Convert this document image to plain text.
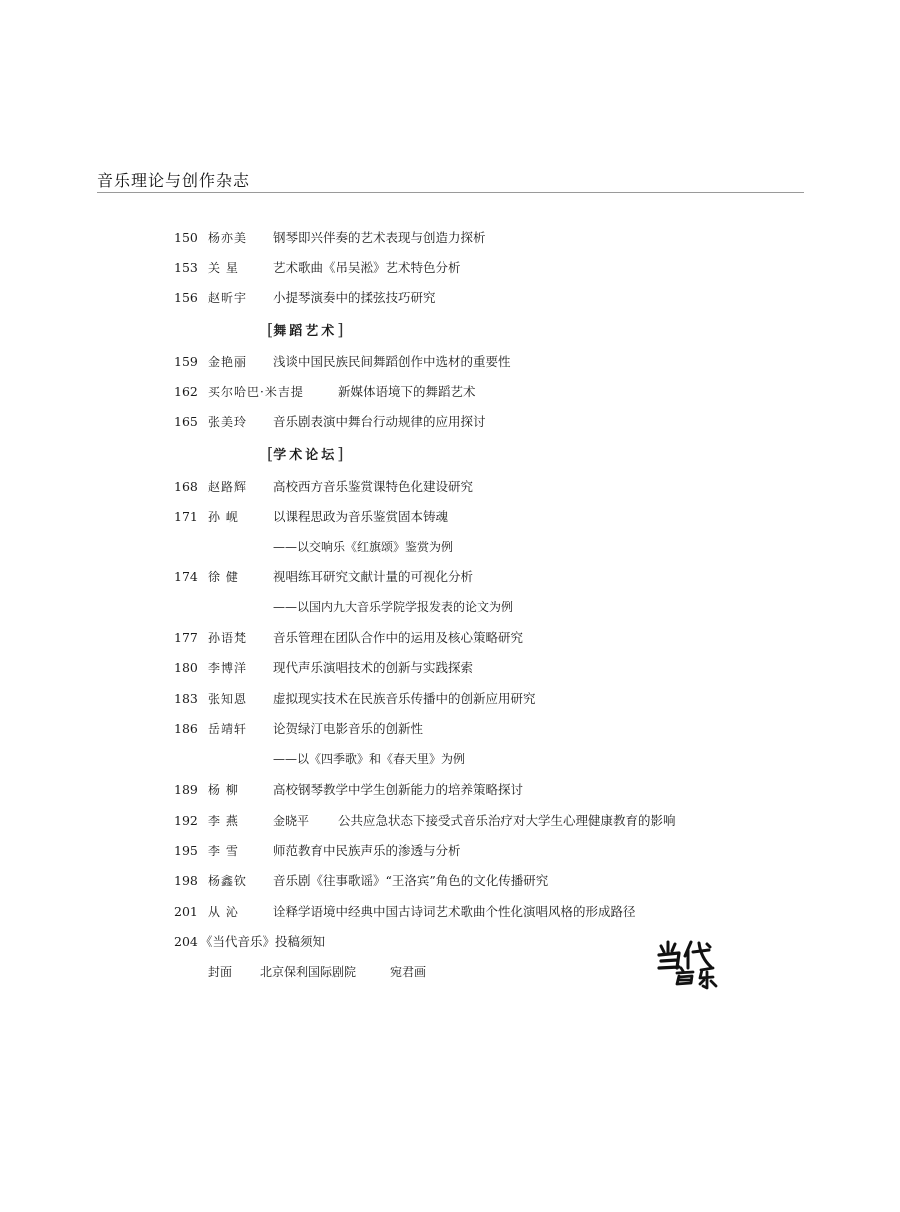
音乐理论与创作杂志
150 杨亦美 钢琴即兴伴奏的艺术表现与创造力探析
153 关 星	艺术歌曲《吊吴淞》艺术特色分析
156 赵昕宇 小提琴演奏中的揉弦技巧研究
[舞蹈艺术]
159 金艳丽 浅谈中国民族民间舞蹈创作中选材的重要性
162 买尔哈巴·米吉提	新媒体语境下的舞蹈艺术
165 张美玲 音乐剧表演中舞台行动规律的应用探讨
[学术论坛]
168 赵路辉 高校西方音乐鉴赏课特色化建设研究
171 孙 岘	以课程思政为音乐鉴赏固本铸魂
——以交响乐《红旗颂》鉴赏为例
174 徐 健	视唱练耳研究文献计量的可视化分析
——以国内九大音乐学院学报发表的论文为例
177 孙语梵 音乐管理在团队合作中的运用及核心策略研究
180 李博洋 现代声乐演唱技术的创新与实践探索
183 张知恩 虚拟现实技术在民族音乐传播中的创新应用研究
186 岳靖轩 论贺绿汀电影音乐的创新性
——以《四季歌》和《春天里》为例
189 杨 柳	高校钢琴教学中学生创新能力的培养策略探讨
192 李 燕	金晓平 公共应急状态下接受式音乐治疗对大学生心理健康教育的影响
195 李 雪	师范教育中民族声乐的渗透与分析
198 杨鑫钦 音乐剧《往事歌谣》“王洛宾”角色的文化传播研究
201 从 沁	诠释学语境中经典中国古诗词艺术歌曲个性化演唱风格的形成路径
204 《当代音乐》投稿须知
封面 北京保利国际剧院	宛君画
